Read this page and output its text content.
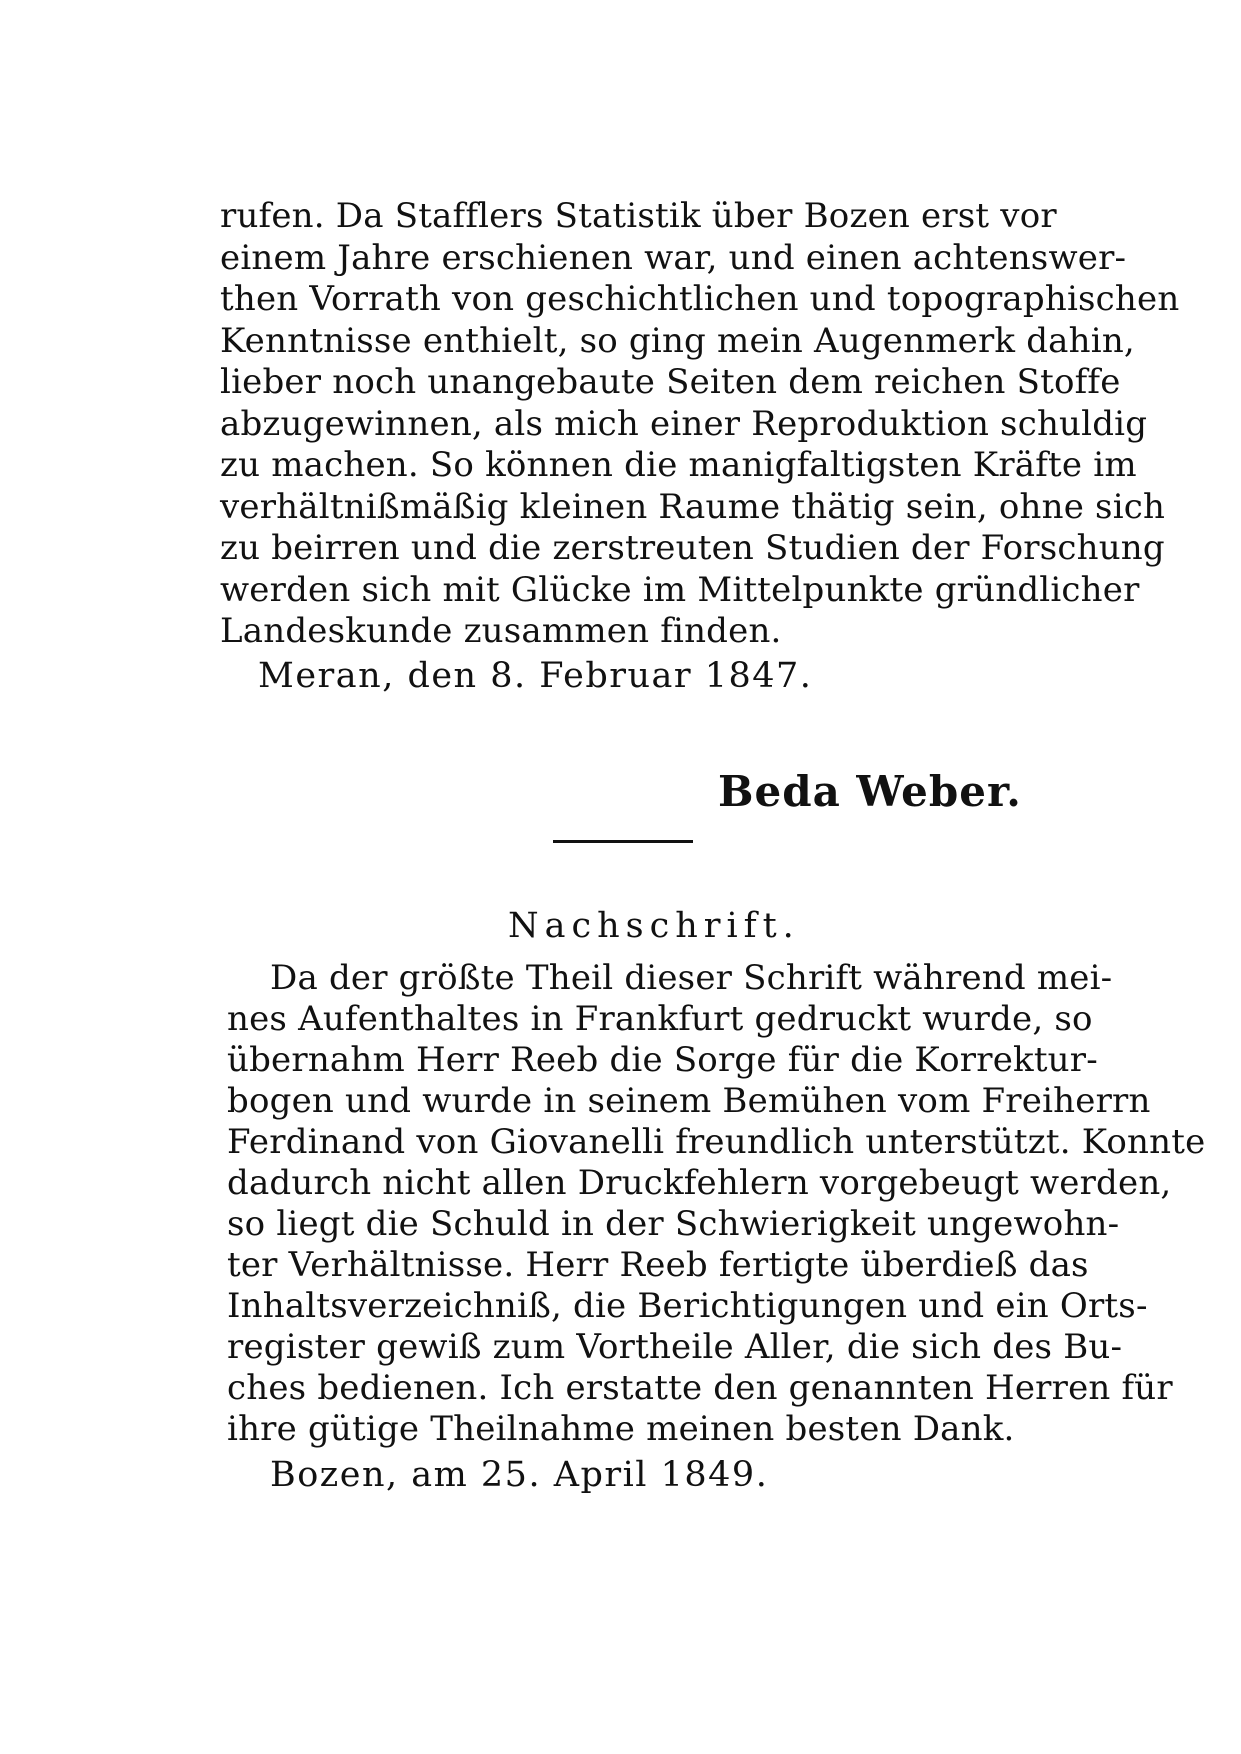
rufen. Da Stafflers Statistik über Bozen erst vor
einem Jahre erschienen war, und einen achtenswer-
then Vorrath von geschichtlichen und topographischen
Kenntnisse enthielt, so ging mein Augenmerk dahin,
lieber noch unangebaute Seiten dem reichen Stoffe
abzugewinnen, als mich einer Reproduktion schuldig
zu machen. So können die manigfaltigsten Kräfte im
verhältnißmäßig kleinen Raume thätig sein, ohne sich
zu beirren und die zerstreuten Studien der Forschung
werden sich mit Glücke im Mittelpunkte gründlicher
Landeskunde zusammen finden.
Meran, den 8. Februar 1847.
Beda Weber.
Nachschrift.
Da der größte Theil dieser Schrift während mei-
nes Aufenthaltes in Frankfurt gedruckt wurde, so
übernahm Herr Reeb die Sorge für die Korrektur-
bogen und wurde in seinem Bemühen vom Freiherrn
Ferdinand von Giovanelli freundlich unterstützt. Konnte
dadurch nicht allen Druckfehlern vorgebeugt werden,
so liegt die Schuld in der Schwierigkeit ungewohn-
ter Verhältnisse. Herr Reeb fertigte überdieß das
Inhaltsverzeichniß, die Berichtigungen und ein Orts-
register gewiß zum Vortheile Aller, die sich des Bu-
ches bedienen. Ich erstatte den genannten Herren für
ihre gütige Theilnahme meinen besten Dank.
Bozen, am 25. April 1849.
